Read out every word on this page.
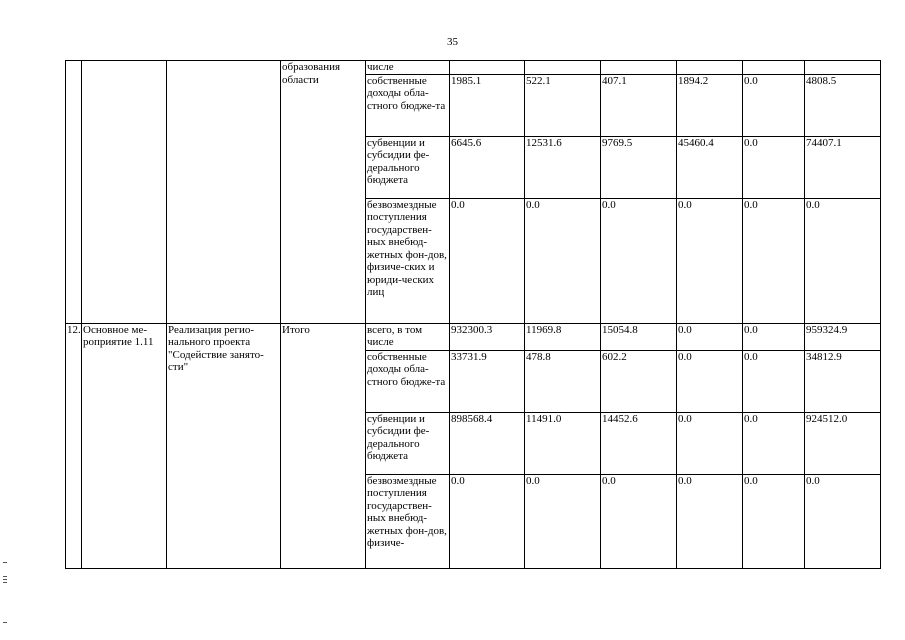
35
			образования области	числе						
				собственные доходы обла-стного бюдже-та	1985.1	522.1	407.1	1894.2	0.0	4808.5
				субвенции и субсидии фе-дерального бюджета	6645.6	12531.6	9769.5	45460.4	0.0	74407.1
				безвозмездные поступления государствен-ных внебюд-жетных фон-дов, физиче-ских и юриди-ческих лиц	0.0	0.0	0.0	0.0	0.0	0.0
12.	Основное ме-роприятие 1.11	Реализация регио-нального проекта "Содействие занято-сти"	Итого	всего, в том числе	932300.3	11969.8	15054.8	0.0	0.0	959324.9
				собственные доходы обла-стного бюдже-та	33731.9	478.8	602.2	0.0	0.0	34812.9
				субвенции и субсидии фе-дерального бюджета	898568.4	11491.0	14452.6	0.0	0.0	924512.0
				безвозмездные поступления государствен-ных внебюд-жетных фон-дов, физиче-	0.0	0.0	0.0	0.0	0.0	0.0
